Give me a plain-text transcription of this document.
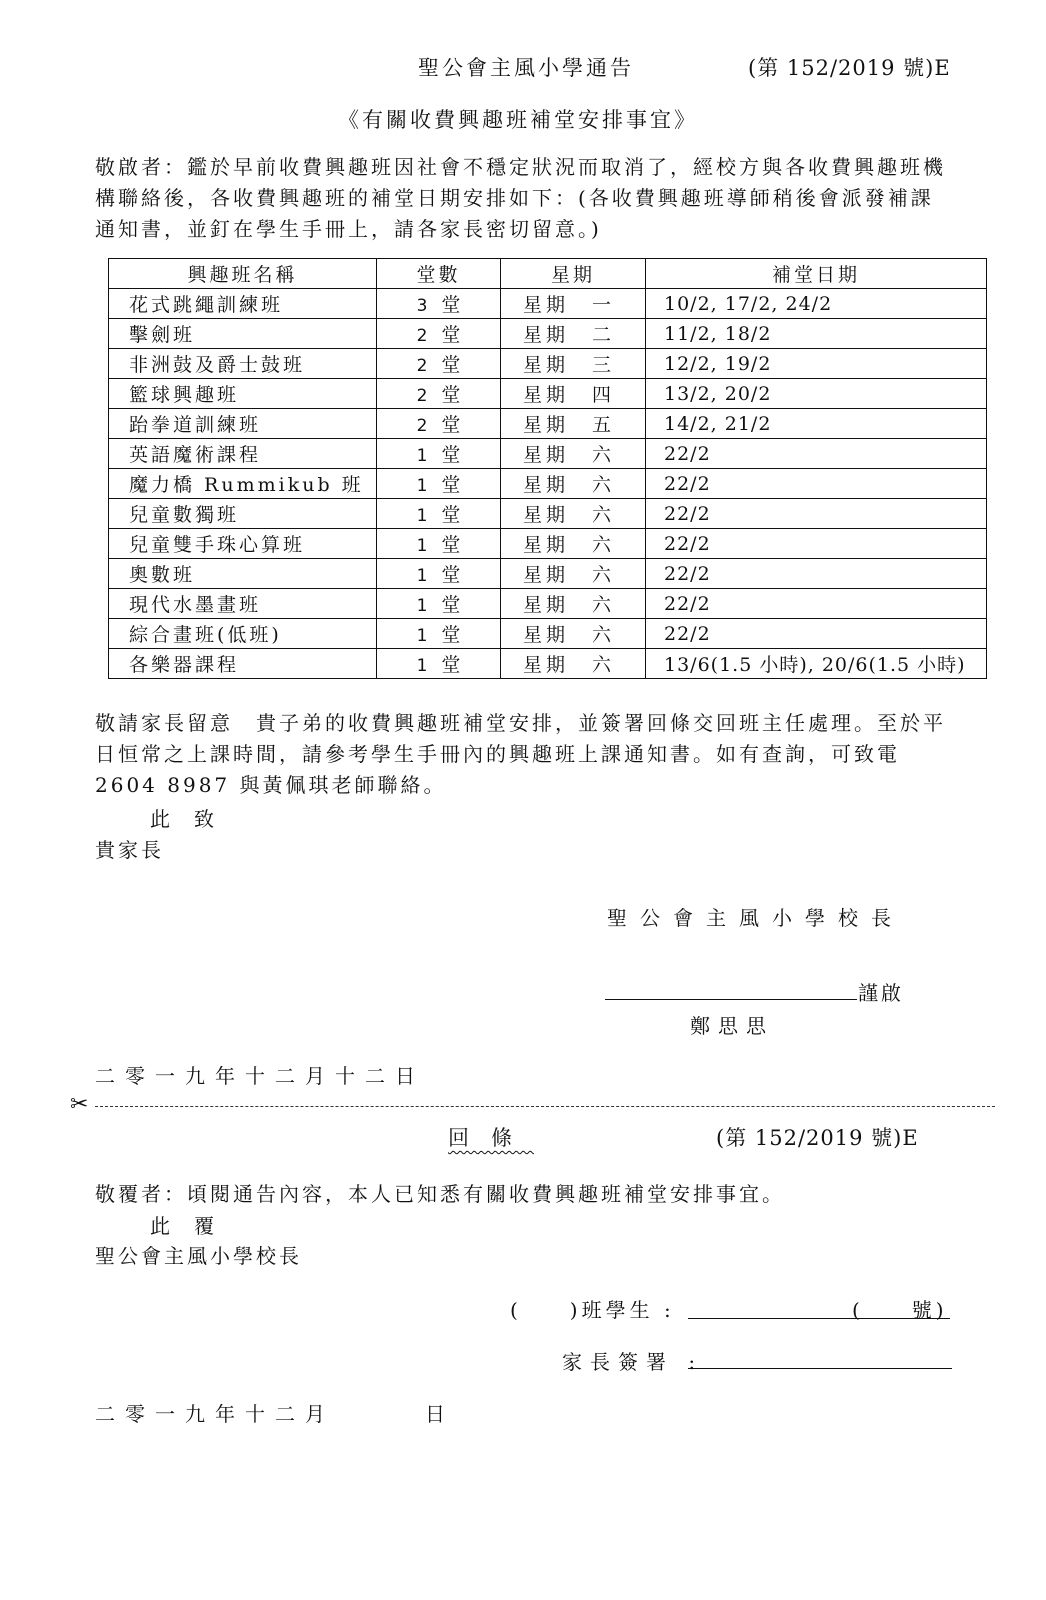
聖公會主風小學通告	(第 152/2019 號)E
《有關收費興趣班補堂安排事宜》
敬啟者：鑑於早前收費興趣班因社會不穩定狀況而取消了，經校方與各收費興趣班機構聯絡後，各收費興趣班的補堂日期安排如下：(各收費興趣班導師稍後會派發補課通知書，並釘在學生手冊上，請各家長密切留意。)
興趣班名稱	堂數	星期	補堂日期
花式跳繩訓練班	3 堂	星期　一	10/2, 17/2, 24/2
擊劍班	2 堂	星期　二	11/2, 18/2
非洲鼓及爵士鼓班	2 堂	星期　三	12/2, 19/2
籃球興趣班	2 堂	星期　四	13/2, 20/2
跆拳道訓練班	2 堂	星期　五	14/2, 21/2
英語魔術課程	1 堂	星期　六	22/2
魔力橋 Rummikub 班	1 堂	星期　六	22/2
兒童數獨班	1 堂	星期　六	22/2
兒童雙手珠心算班	1 堂	星期　六	22/2
奧數班	1 堂	星期　六	22/2
現代水墨畫班	1 堂	星期　六	22/2
綜合畫班(低班)	1 堂	星期　六	22/2
各樂器課程	1 堂	星期　六	13/6(1.5 小時), 20/6(1.5 小時)
敬請家長留意　貴子弟的收費興趣班補堂安排，並簽署回條交回班主任處理。至於平日恒常之上課時間，請參考學生手冊內的興趣班上課通知書。如有查詢，可致電 2604 8987 與黃佩琪老師聯絡。
此致
貴家長
聖公會主風小學校長
謹啟
鄭思思
二零一九年十二月十二日
✂
回條	(第 152/2019 號)E
敬覆者：頃閱通告內容，本人已知悉有關收費興趣班補堂安排事宜。
此覆
聖公會主風小學校長
(　　)班學生 :	(　　號)
家長簽署 :
二零一九年十二月　　　日
